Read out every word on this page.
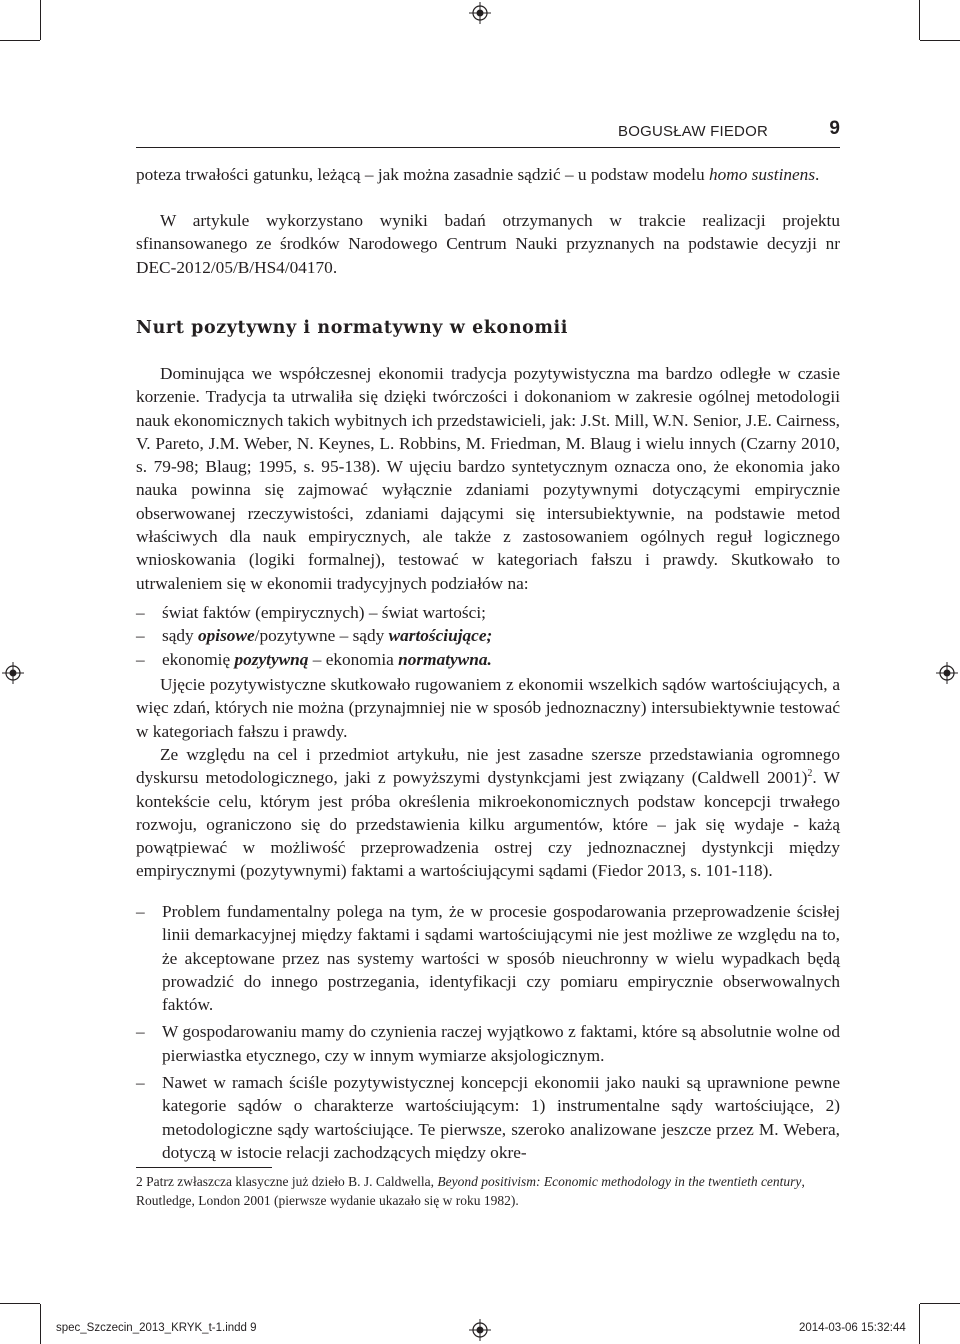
BOGUSŁAW FIEDOR	9
poteza trwałości gatunku, leżącą – jak można zasadnie sądzić – u podstaw modelu homo sustinens.
W artykule wykorzystano wyniki badań otrzymanych w trakcie realizacji projektu sfinansowanego ze środków Narodowego Centrum Nauki przyznanych na podstawie decyzji nr DEC-2012/05/B/HS4/04170.
Nurt pozytywny i normatywny w ekonomii
Dominująca we współczesnej ekonomii tradycja pozytywistyczna ma bardzo odległe w czasie korzenie. Tradycja ta utrwaliła się dzięki twórczości i dokonaniom w zakresie ogólnej metodologii nauk ekonomicznych takich wybitnych ich przedstawicieli, jak: J.St. Mill, W.N. Senior, J.E. Cairness, V. Pareto, J.M. Weber, N. Keynes, L. Robbins, M. Friedman, M. Blaug i wielu innych (Czarny 2010, s. 79-98; Blaug; 1995, s. 95-138). W ujęciu bardzo syntetycznym oznacza ono, że ekonomia jako nauka powinna się zajmować wyłącznie zdaniami pozytywnymi dotyczącymi empirycznie obserwowanej rzeczywistości, zdaniami dającymi się intersubiektywnie, na podstawie metod właściwych dla nauk empirycznych, ale także z zastosowaniem ogólnych reguł logicznego wnioskowania (logiki formalnej), testować w kategoriach fałszu i prawdy. Skutkowało to utrwaleniem się w ekonomii tradycyjnych podziałów na:
– świat faktów (empirycznych) – świat wartości;
– sądy opisowe/pozytywne – sądy wartościujące;
– ekonomię pozytywną – ekonomia normatywna.
Ujęcie pozytywistyczne skutkowało rugowaniem z ekonomii wszelkich sądów wartościujących, a więc zdań, których nie można (przynajmniej nie w sposób jednoznaczny) intersubiektywnie testować w kategoriach fałszu i prawdy.
Ze względu na cel i przedmiot artykułu, nie jest zasadne szersze przedstawiania ogromnego dyskursu metodologicznego, jaki z powyższymi dystynkcjami jest związany (Caldwell 2001)$^2$. W kontekście celu, którym jest próba określenia mikroekonomicznych podstaw koncepcji trwałego rozwoju, ograniczono się do przedstawienia kilku argumentów, które – jak się wydaje - każą powątpiewać w możliwość przeprowadzenia ostrej czy jednoznacznej dystynkcji między empirycznymi (pozytywnymi) faktami a wartościującymi sądami (Fiedor 2013, s. 101-118).
– Problem fundamentalny polega na tym, że w procesie gospodarowania przeprowadzenie ścisłej linii demarkacyjnej między faktami i sądami wartościującymi nie jest możliwe ze względu na to, że akceptowane przez nas systemy wartości w sposób nieuchronny w wielu wypadkach będą prowadzić do innego postrzegania, identyfikacji czy pomiaru empirycznie obserwowalnych faktów.
– W gospodarowaniu mamy do czynienia raczej wyjątkowo z faktami, które są absolutnie wolne od pierwiastka etycznego, czy w innym wymiarze aksjologicznym.
– Nawet w ramach ściśle pozytywistycznej koncepcji ekonomii jako nauki są uprawnione pewne kategorie sądów o charakterze wartościującym: 1) instrumentalne sądy wartościujące, 2) metodologiczne sądy wartościujące. Te pierwsze, szeroko analizowane jeszcze przez M. Webera, dotyczą w istocie relacji zachodzących między okre-
2 Patrz zwłaszcza klasyczne już dzieło B. J. Caldwella, Beyond positivism: Economic methodology in the twentieth century, Routledge, London 2001 (pierwsze wydanie ukazało się w roku 1982).
spec_Szczecin_2013_KRYK_t-1.indd 9	2014-03-06 15:32:44
